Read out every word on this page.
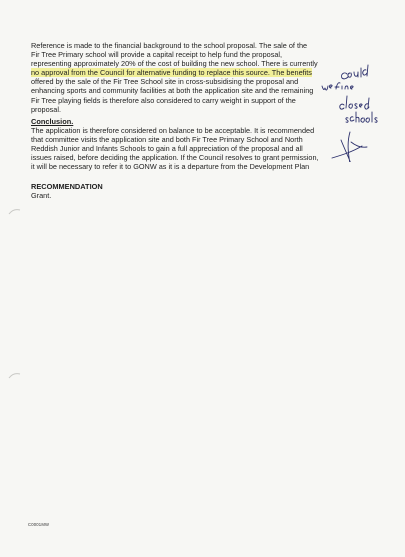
Reference is made to the financial background to the school proposal. The sale of the
Fir Tree Primary school will provide a capital receipt to help fund the proposal,
representing approximately 20% of the cost of building the new school. There is currently
no approval from the Council for alternative funding to replace this source. The benefits
offered by the sale of the Fir Tree School site in cross-subsidising the proposal and
enhancing sports and community facilities at both the application site and the remaining
Fir Tree playing fields is therefore also considered to carry weight in support of the
proposal.

Conclusion.

The application is therefore considered on balance to be acceptable. It is recommended
that committee visits the application site and both Fir Tree Primary School and North
Reddish Junior and Infants Schools to gain a full appreciation of the proposal and all
issues raised, before deciding the application. If the Council resolves to grant permission,
it will be necessary to refer it to GONW as it is a departure from the Development Plan

RECOMMENDATION

Grant.

C0001MW
